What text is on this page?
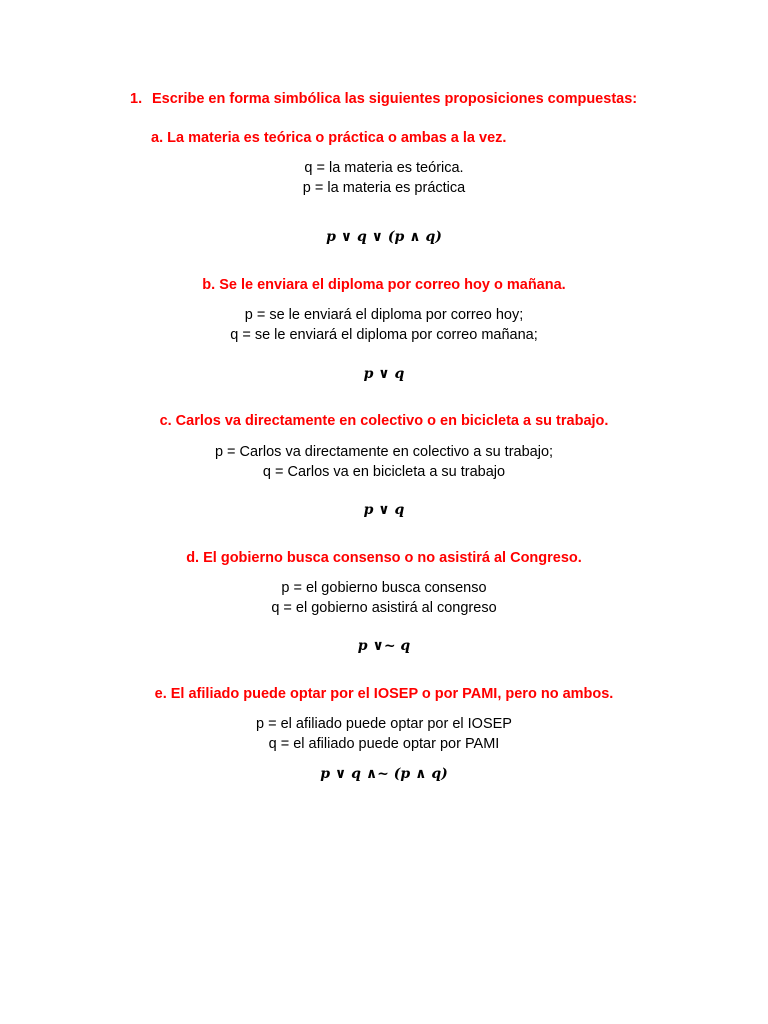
1. Escribe en forma simbólica las siguientes proposiciones compuestas:
a. La materia es teórica o práctica o ambas a la vez.
q = la materia es teórica.
p = la materia es práctica
p ∨ q ∨ (p ∧ q)
b. Se le enviara el diploma por correo hoy o mañana.
p = se le enviará el diploma por correo hoy;
q = se le enviará el diploma por correo mañana;
p ∨ q
c. Carlos va directamente en colectivo o en bicicleta a su trabajo.
p = Carlos va directamente en colectivo a su trabajo;
q = Carlos va en bicicleta a su trabajo
p ∨ q
d. El gobierno busca consenso o no asistirá al Congreso.
p = el gobierno busca consenso
q = el gobierno asistirá al congreso
p ∨~ q
e. El afiliado puede optar por el IOSEP o por PAMI, pero no ambos.
p = el afiliado puede optar por el IOSEP
q = el afiliado puede optar por PAMI
p ∨ q ∧~ (p ∧ q)
